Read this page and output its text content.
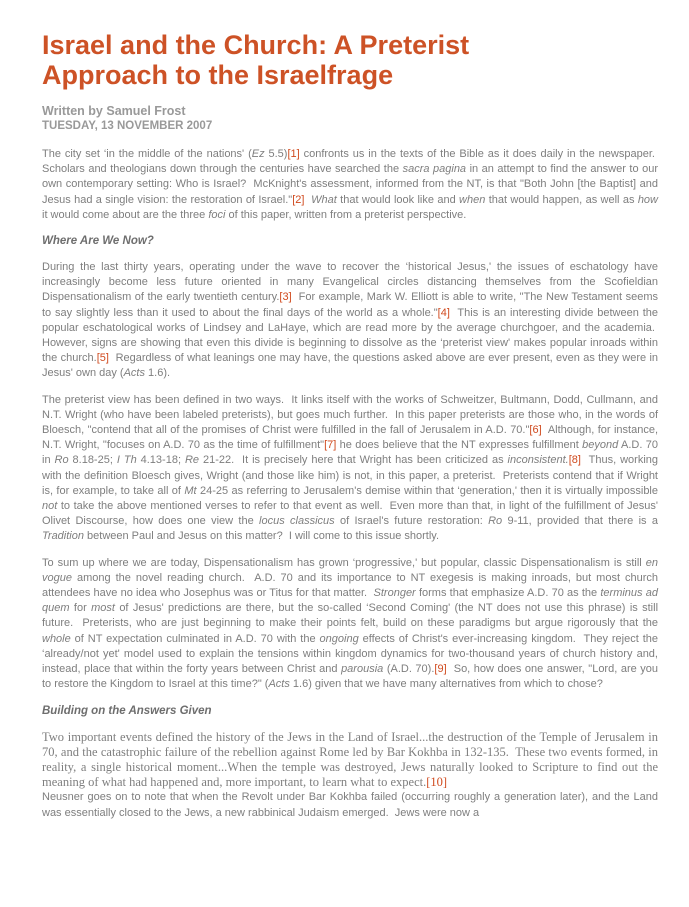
Israel and the Church: A Preterist Approach to the Israelfrage
Written by Samuel Frost
TUESDAY, 13 NOVEMBER 2007

The city set ‘in the middle of the nations' (Ez 5.5)[1] confronts us in the texts of the Bible as it does daily in the newspaper.  Scholars and theologians down through the centuries have searched the sacra pagina in an attempt to find the answer to our own contemporary setting: Who is Israel?  McKnight's assessment, informed from the NT, is that "Both John [the Baptist] and Jesus had a single vision: the restoration of Israel."[2] What that would look like and when that would happen, as well as how it would come about are the three foci of this paper, written from a preterist perspective.

Where Are We Now?

During the last thirty years, operating under the wave to recover the ‘historical Jesus,' the issues of eschatology have increasingly become less future oriented in many Evangelical circles distancing themselves from the Scofieldian Dispensationalism of the early twentieth century.[3]  For example, Mark W. Elliott is able to write, "The New Testament seems to say slightly less than it used to about the final days of the world as a whole."[4]  This is an interesting divide between the popular eschatological works of Lindsey and LaHaye, which are read more by the average churchgoer, and the academia.  However, signs are showing that even this divide is beginning to dissolve as the ‘preterist view' makes popular inroads within the church.[5]  Regardless of what leanings one may have, the questions asked above are ever present, even as they were in Jesus' own day (Acts 1.6).

The preterist view has been defined in two ways.  It links itself with the works of Schweitzer, Bultmann, Dodd, Cullmann, and N.T. Wright (who have been labeled preterists), but goes much further.  In this paper preterists are those who, in the words of Bloesch, "contend that all of the promises of Christ were fulfilled in the fall of Jerusalem in A.D. 70."[6]  Although, for instance, N.T. Wright, "focuses on A.D. 70 as the time of fulfillment"[7] he does believe that the NT expresses fulfillment beyond A.D. 70 in Ro 8.18-25; I Th 4.13-18; Re 21-22.  It is precisely here that Wright has been criticized as inconsistent.[8]  Thus, working with the definition Bloesch gives, Wright (and those like him) is not, in this paper, a preterist.  Preterists contend that if Wright is, for example, to take all of Mt 24-25 as referring to Jerusalem's demise within that ‘generation,' then it is virtually impossible not to take the above mentioned verses to refer to that event as well.  Even more than that, in light of the fulfillment of Jesus' Olivet Discourse, how does one view the locus classicus of Israel's future restoration: Ro 9-11, provided that there is a Tradition between Paul and Jesus on this matter?  I will come to this issue shortly.

To sum up where we are today, Dispensationalism has grown ‘progressive,' but popular, classic Dispensationalism is still en vogue among the novel reading church.  A.D. 70 and its importance to NT exegesis is making inroads, but most church attendees have no idea who Josephus was or Titus for that matter.  Stronger forms that emphasize A.D. 70 as the terminus ad quem for most of Jesus' predictions are there, but the so-called ‘Second Coming' (the NT does not use this phrase) is still future.  Preterists, who are just beginning to make their points felt, build on these paradigms but argue rigorously that the whole of NT expectation culminated in A.D. 70 with the ongoing effects of Christ's ever-increasing kingdom.  They reject the ‘already/not yet' model used to explain the tensions within kingdom dynamics for two-thousand years of church history and, instead, place that within the forty years between Christ and parousia (A.D. 70).[9]  So, how does one answer, "Lord, are you to restore the Kingdom to Israel at this time?" (Acts 1.6) given that we have many alternatives from which to chose?

Building on the Answers Given

Two important events defined the history of the Jews in the Land of Israel...the destruction of the Temple of Jerusalem in 70, and the catastrophic failure of the rebellion against Rome led by Bar Kokhba in 132-135.  These two events formed, in reality, a single historical moment...When the temple was destroyed, Jews naturally looked to Scripture to find out the meaning of what had happened and, more important, to learn what to expect.[10]

Neusner goes on to note that when the Revolt under Bar Kokhba failed (occurring roughly a generation later), and the Land was essentially closed to the Jews, a new rabbinical Judaism emerged.  Jews were now a
